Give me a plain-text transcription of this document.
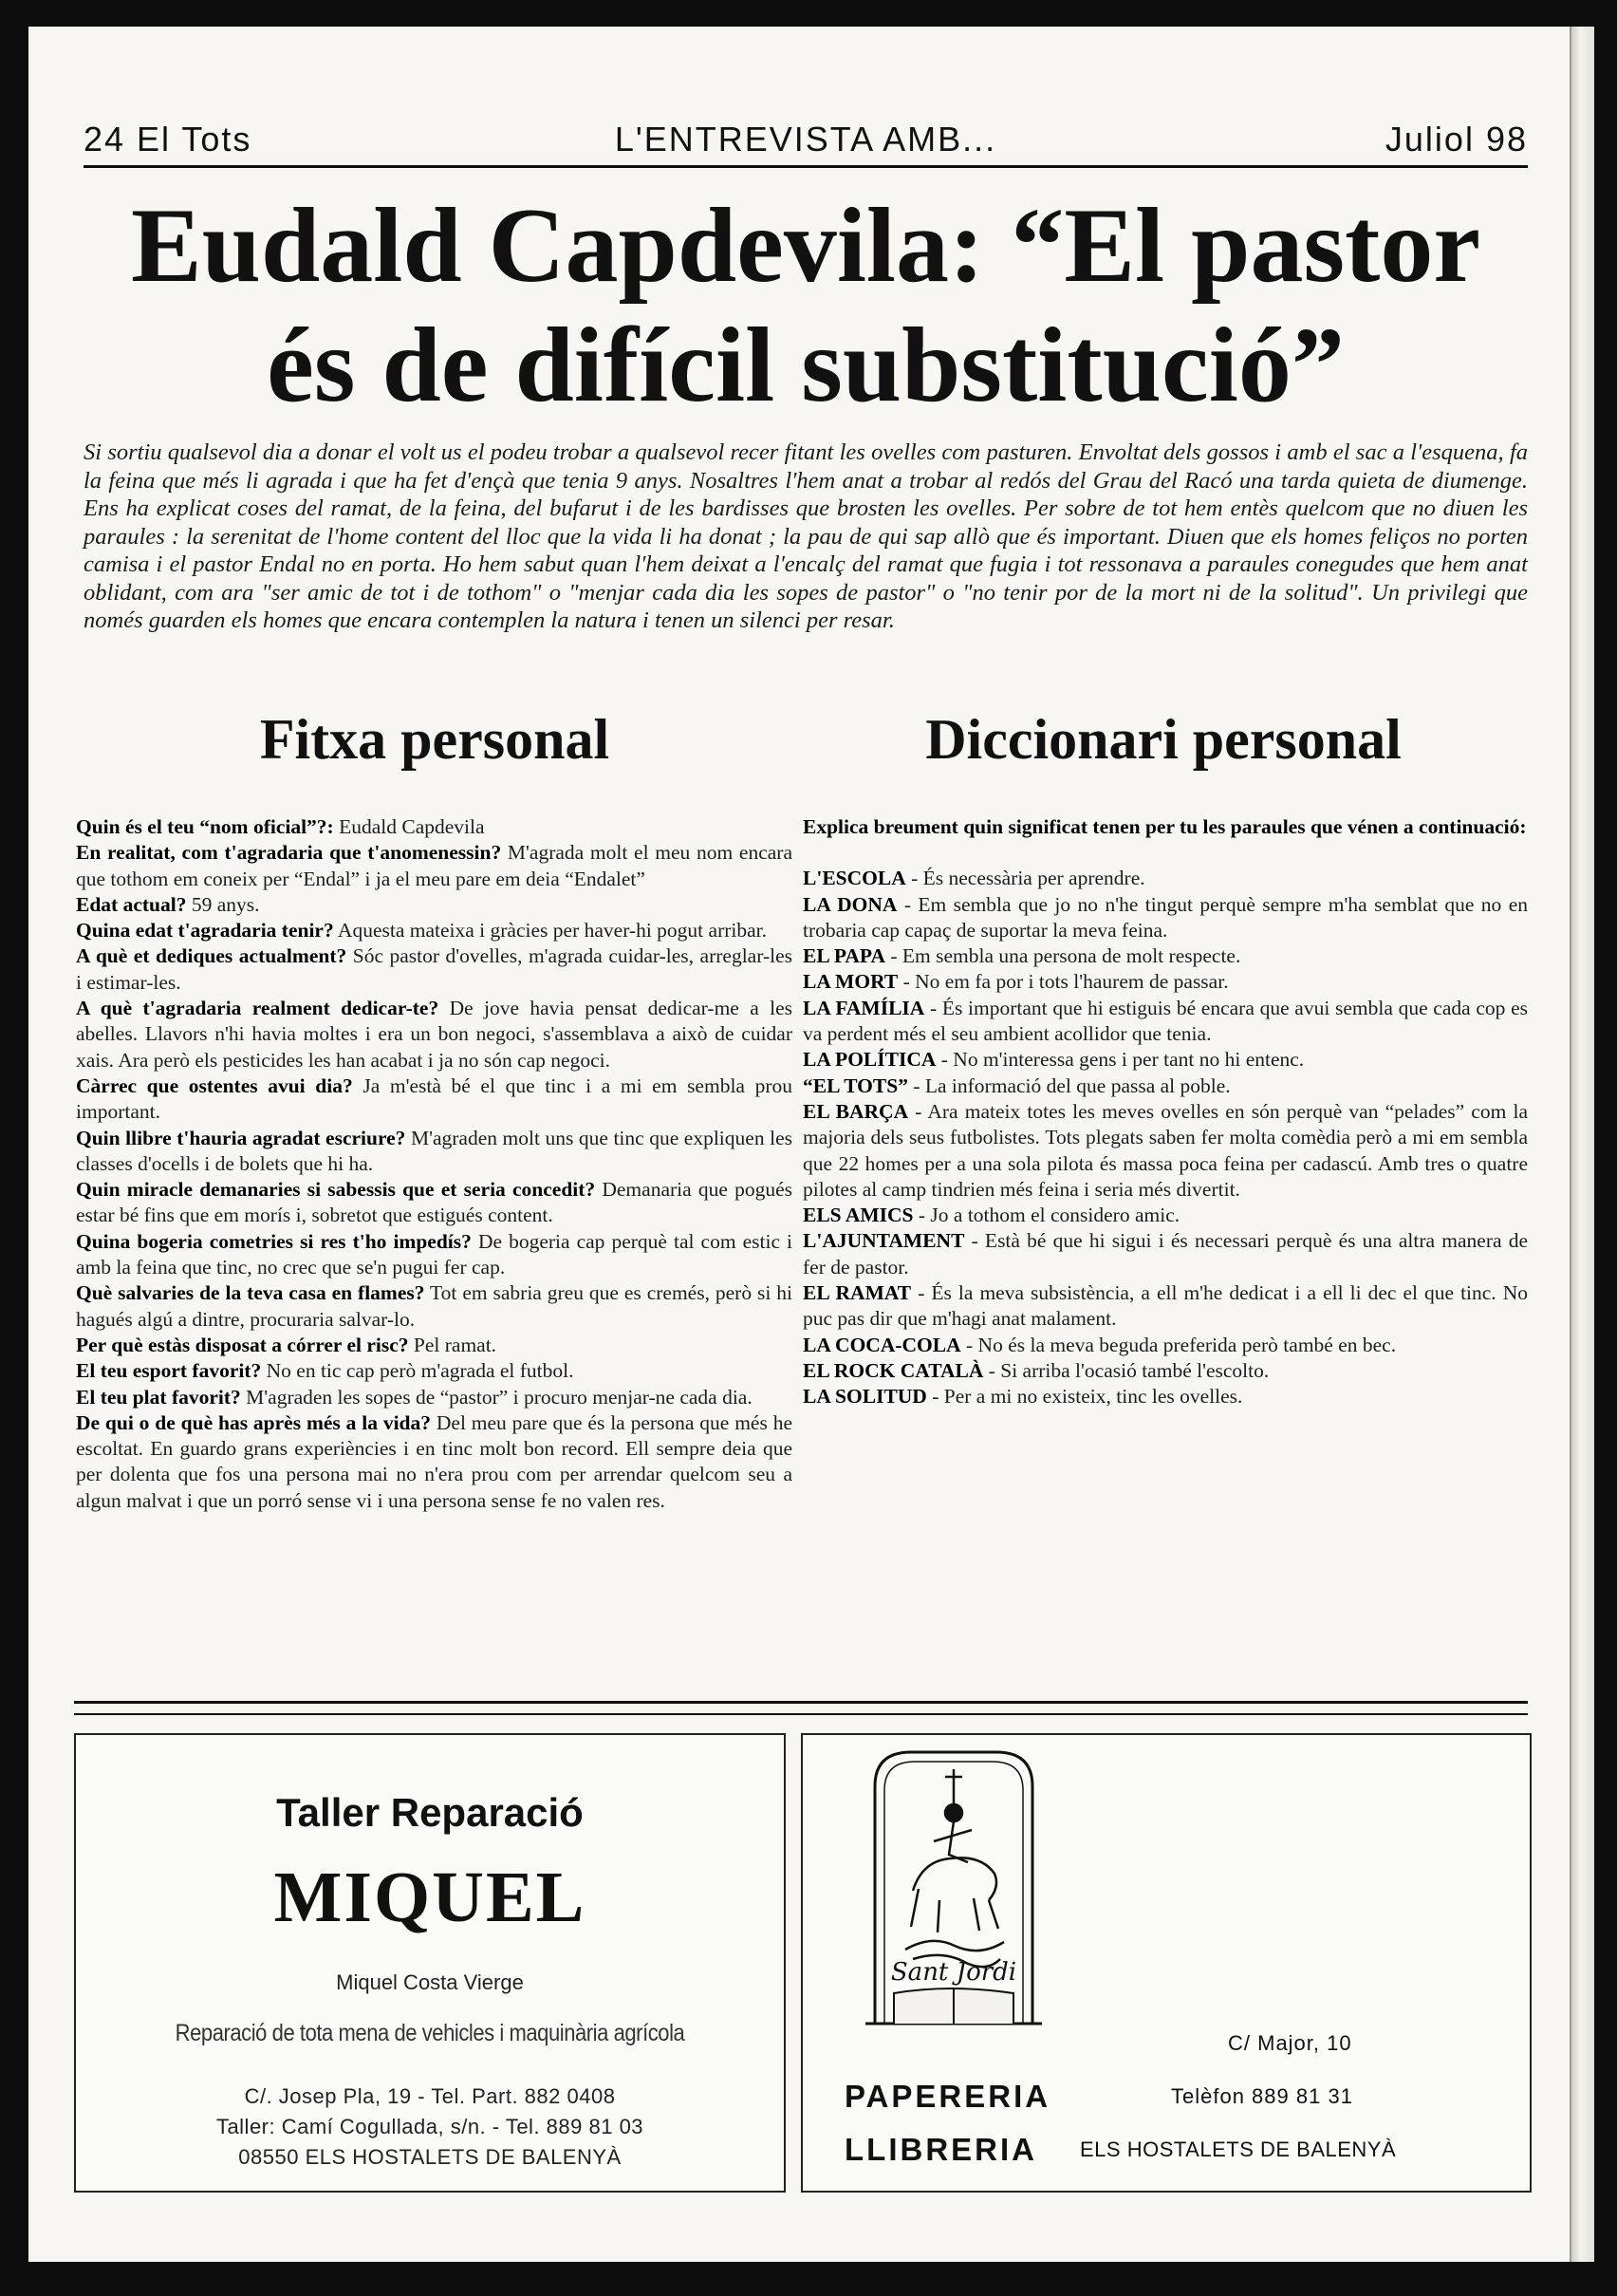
24 El Tots	L'ENTREVISTA AMB...	Juliol 98
Eudald Capdevila: “El pastor és de difícil substitució”
Si sortiu qualsevol dia a donar el volt us el podeu trobar a qualsevol recer fitant les ovelles com pasturen. Envoltat dels gossos i amb el sac a l'esquena, fa la feina que més li agrada i que ha fet d'ençà que tenia 9 anys. Nosaltres l'hem anat a trobar al redós del Grau del Racó una tarda quieta de diumenge. Ens ha explicat coses del ramat, de la feina, del bufarut i de les bardisses que brosten les ovelles. Per sobre de tot hem entès quelcom que no diuen les paraules : la serenitat de l'home content del lloc que la vida li ha donat ; la pau de qui sap allò que és important. Diuen que els homes feliços no porten camisa i el pastor Endal no en porta. Ho hem sabut quan l'hem deixat a l'encalç del ramat que fugia i tot ressonava a paraules conegudes que hem anat oblidant, com ara "ser amic de tot i de tothom" o "menjar cada dia les sopes de pastor" o "no tenir por de la mort ni de la solitud". Un privilegi que només guarden els homes que encara contemplen la natura i tenen un silenci per resar.
Fitxa personal	Diccionari personal

Quin és el teu “nom oficial”?: Eudald Capdevila

En realitat, com t'agradaria que t'anomenessin? M'agrada molt el meu nom encara que tothom em coneix per “Endal” i ja el meu pare em deia “Endalet”

Edat actual? 59 anys.

Quina edat t'agradaria tenir? Aquesta mateixa i gràcies per haver-hi pogut arribar.

A què et dediques actualment? Sóc pastor d'ovelles, m'agrada cuidar-les, arreglar-les i estimar-les.

A què t'agradaria realment dedicar-te? De jove havia pensat dedicar-me a les abelles. Llavors n'hi havia moltes i era un bon negoci, s'assemblava a això de cuidar xais. Ara però els pesticides les han acabat i ja no són cap negoci.

Càrrec que ostentes avui dia? Ja m'està bé el que tinc i a mi em sembla prou important.

Quin llibre t'hauria agradat escriure? M'agraden molt uns que tinc que expliquen les classes d'ocells i de bolets que hi ha.

Quin miracle demanaries si sabessis que et seria concedit? Demanaria que pogués estar bé fins que em morís i, sobretot que estigués content.

Quina bogeria cometries si res t'ho impedís? De bogeria cap perquè tal com estic i amb la feina que tinc, no crec que se'n pugui fer cap.

Què salvaries de la teva casa en flames? Tot em sabria greu que es cremés, però si hi hagués algú a dintre, procuraria salvar-lo.

Per què estàs disposat a córrer el risc? Pel ramat.

El teu esport favorit? No en tic cap però m'agrada el futbol.

El teu plat favorit? M'agraden les sopes de “pastor” i procuro menjar-ne cada dia.

De qui o de què has après més a la vida? Del meu pare que és la persona que més he escoltat. En guardo grans experiències i en tinc molt bon record. Ell sempre deia que per dolenta que fos una persona mai no n'era prou com per arrendar quelcom seu a algun malvat i que un porró sense vi i una persona sense fe no valen res.

Explica breument quin significat tenen per tu les paraules que vénen a continuació:

L'ESCOLA - És necessària per aprendre.

LA DONA - Em sembla que jo no n'he tingut perquè sempre m'ha semblat que no en trobaria cap capaç de suportar la meva feina.

EL PAPA - Em sembla una persona de molt respecte.

LA MORT - No em fa por i tots l'haurem de passar.

LA FAMÍLIA - És important que hi estiguis bé encara que avui sembla que cada cop es va perdent més el seu ambient acollidor que tenia.

LA POLÍTICA - No m'interessa gens i per tant no hi entenc.

“EL TOTS” - La informació del que passa al poble.

EL BARÇA - Ara mateix totes les meves ovelles en són perquè van “pelades” com la majoria dels seus futbolistes. Tots plegats saben fer molta comèdia però a mi em sembla que 22 homes per a una sola pilota és massa poca feina per cadascú. Amb tres o quatre pilotes al camp tindrien més feina i seria més divertit.

ELS AMICS - Jo a tothom el considero amic.

L'AJUNTAMENT - Està bé que hi sigui i és necessari perquè és una altra manera de fer de pastor.

EL RAMAT - És la meva subsistència, a ell m'he dedicat i a ell li dec el que tinc. No puc pas dir que m'hagi anat malament.

LA COCA-COLA - No és la meva beguda preferida però també en bec.

EL ROCK CATALÀ - Si arriba l'ocasió també l'escolto.

LA SOLITUD - Per a mi no existeix, tinc les ovelles.

Taller Reparació
MIQUEL
Miquel Costa Vierge
Reparació de tota mena de vehicles i maquinària agrícola
C/. Josep Pla, 19 - Tel. Part. 882 0408
Taller: Camí Cogullada, s/n. - Tel. 889 81 03
08550 ELS HOSTALETS DE BALENYÀ
Sant Jordi
C/ Major, 10
Telèfon 889 81 31
PAPERERIA
LLIBRERIA ELS HOSTALETS DE BALENYÀ
